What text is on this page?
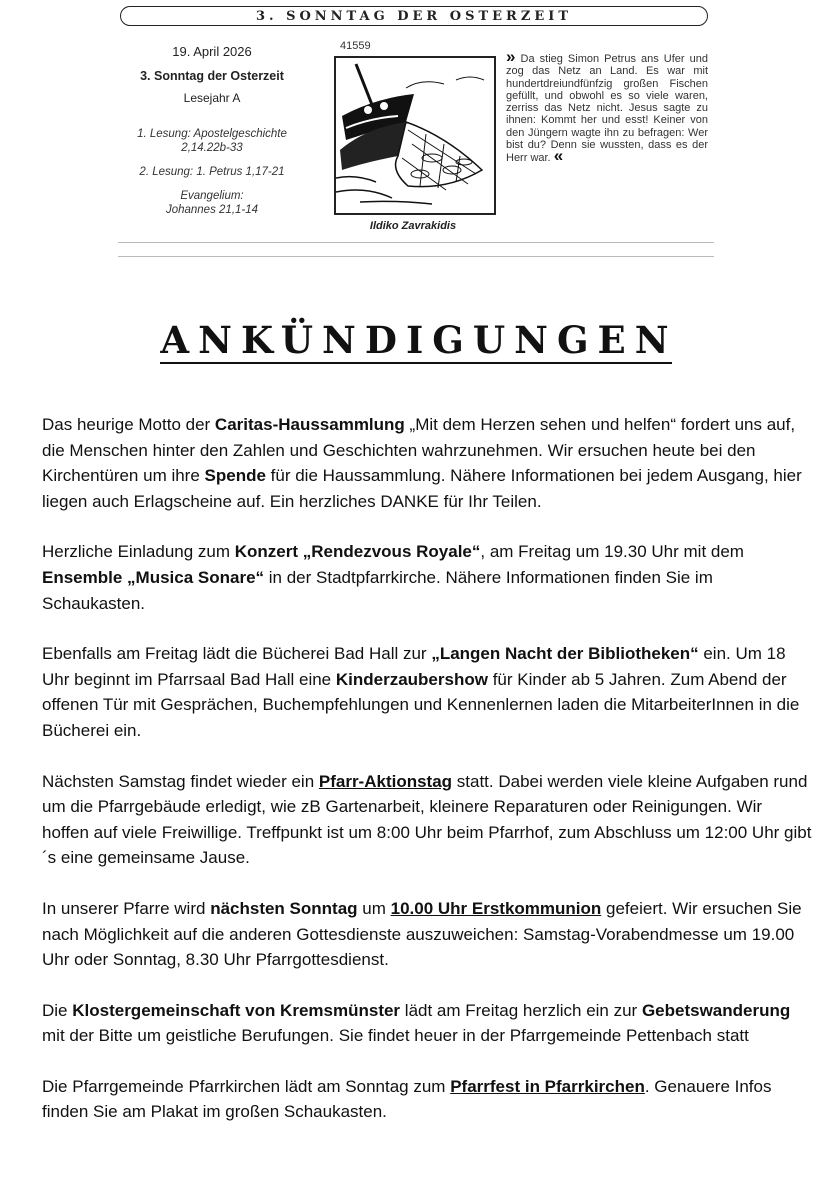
3. SONNTAG DER OSTERZEIT
19. April 2026
3. Sonntag der Osterzeit
Lesejahr A
1. Lesung: Apostelgeschichte
2,14.22b-33
2. Lesung: 1. Petrus 1,17-21
Evangelium:
Johannes 21,1-14
41559
Ildiko Zavrakidis
» Da stieg Simon Petrus ans Ufer und zog das Netz an Land. Es war mit hundertdreiundfünfzig großen Fischen gefüllt, und obwohl es so viele waren, zerriss das Netz nicht. Jesus sagte zu ihnen: Kommt her und esst! Keiner von den Jüngern wagte ihn zu befragen: Wer bist du? Denn sie wussten, dass es der Herr war. «
ANKÜNDIGUNGEN

Das heurige Motto der Caritas-Haussammlung „Mit dem Herzen sehen und helfen“ fordert uns auf, die Menschen hinter den Zahlen und Geschichten wahrzunehmen. Wir ersuchen heute bei den Kirchentüren um ihre Spende für die Haussammlung. Nähere Informationen bei jedem Ausgang, hier liegen auch Erlagscheine auf. Ein herzliches DANKE für Ihr Teilen.

Herzliche Einladung zum Konzert „Rendezvous Royale“, am Freitag um 19.30 Uhr mit dem Ensemble „Musica Sonare“ in der Stadtpfarrkirche. Nähere Informationen finden Sie im Schaukasten.

Ebenfalls am Freitag lädt die Bücherei Bad Hall zur „Langen Nacht der Bibliotheken“ ein. Um 18 Uhr beginnt im Pfarrsaal Bad Hall eine Kinderzaubershow für Kinder ab 5 Jahren. Zum Abend der offenen Tür mit Gesprächen, Buchempfehlungen und Kennenlernen laden die MitarbeiterInnen in die Bücherei ein.

Nächsten Samstag findet wieder ein Pfarr-Aktionstag statt. Dabei werden viele kleine Aufgaben rund um die Pfarrgebäude erledigt, wie zB Gartenarbeit, kleinere Reparaturen oder Reinigungen. Wir hoffen auf viele Freiwillige. Treffpunkt ist um 8:00 Uhr beim Pfarrhof, zum Abschluss um 12:00 Uhr gibt´s eine gemeinsame Jause.

In unserer Pfarre wird nächsten Sonntag um 10.00 Uhr Erstkommunion gefeiert. Wir ersuchen Sie nach Möglichkeit auf die anderen Gottesdienste auszuweichen: Samstag-Vorabendmesse um 19.00 Uhr oder Sonntag, 8.30 Uhr Pfarrgottesdienst.

Die Klostergemeinschaft von Kremsmünster lädt am Freitag herzlich ein zur Gebetswanderung mit der Bitte um geistliche Berufungen. Sie findet heuer in der Pfarrgemeinde Pettenbach statt

Die Pfarrgemeinde Pfarrkirchen lädt am Sonntag zum Pfarrfest in Pfarrkirchen. Genauere Infos finden Sie am Plakat im großen Schaukasten.
